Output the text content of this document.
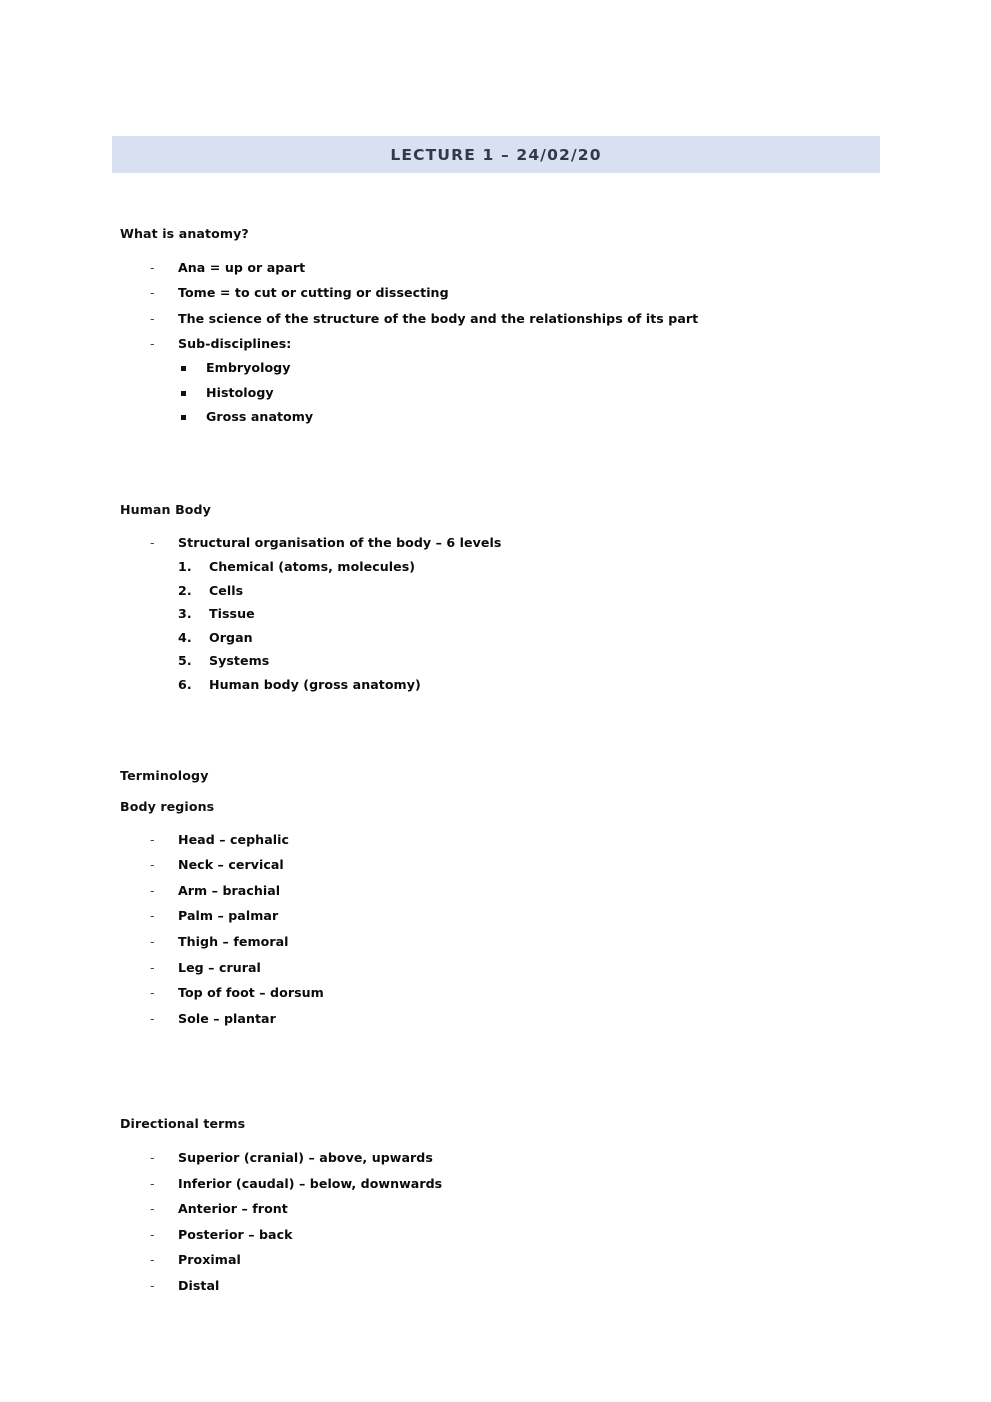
LECTURE 1 – 24/02/20
What is anatomy?
- Ana = up or apart
- Tome = to cut or cutting or dissecting
- The science of the structure of the body and the relationships of its part
- Sub-disciplines:
Embryology
Histology
Gross anatomy
Human Body
- Structural organisation of the body – 6 levels
1. Chemical (atoms, molecules)
2. Cells
3. Tissue
4. Organ
5. Systems
6. Human body (gross anatomy)
Terminology
Body regions
- Head – cephalic
- Neck – cervical
- Arm – brachial
- Palm – palmar
- Thigh – femoral
- Leg – crural
- Top of foot – dorsum
- Sole – plantar
Directional terms
- Superior (cranial) – above, upwards
- Inferior (caudal) – below, downwards
- Anterior – front
- Posterior – back
- Proximal
- Distal
